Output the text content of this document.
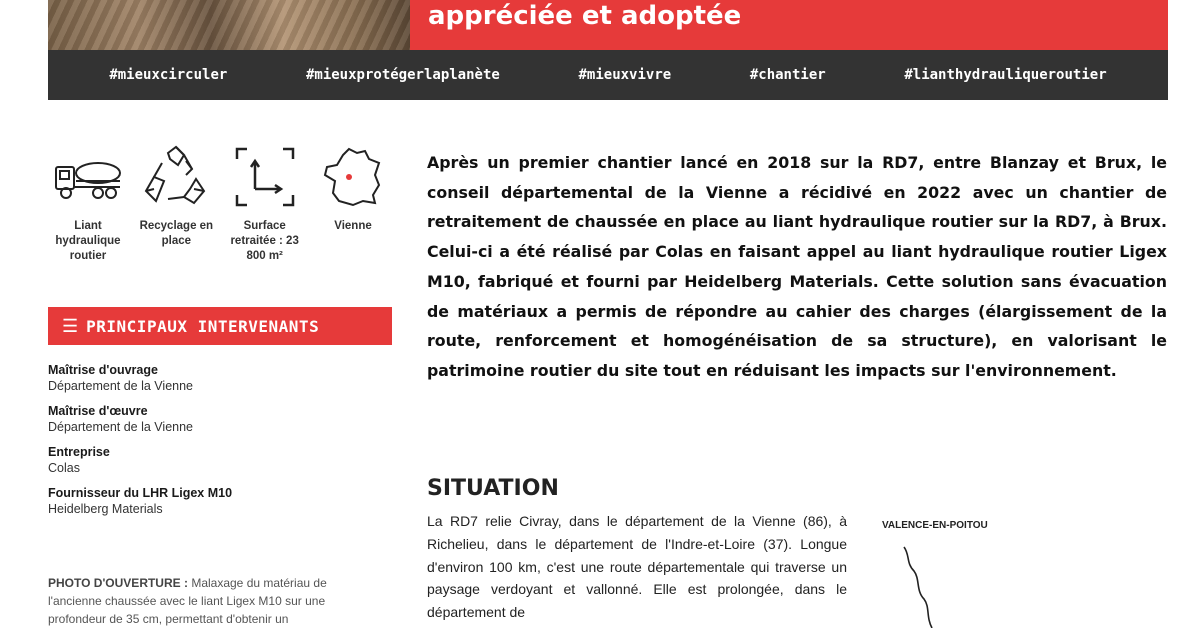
appréciée et adoptée
#mieuxcirculer	#mieuxprotégerlaplanète	#mieuxvivre	#chantier	#lianthydrauliqueroutier
Liant hydraulique routier
Recyclage en place
Surface retraitée : 23 800 m²
Vienne
☰ PRINCIPAUX INTERVENANTS
Maîtrise d'ouvrage
Département de la Vienne
Maîtrise d'œuvre
Département de la Vienne
Entreprise
Colas
Fournisseur du LHR Ligex M10
Heidelberg Materials
PHOTO D'OUVERTURE : Malaxage du matériau de l'ancienne chaussée avec le liant Ligex M10 sur une profondeur de 35 cm, permettant d'obtenir un
Après un premier chantier lancé en 2018 sur la RD7, entre Blanzay et Brux, le conseil départemental de la Vienne a récidivé en 2022 avec un chantier de retraitement de chaussée en place au liant hydraulique routier sur la RD7, à Brux. Celui-ci a été réalisé par Colas en faisant appel au liant hydraulique routier Ligex M10, fabriqué et fourni par Heidelberg Materials. Cette solution sans évacuation de matériaux a permis de répondre au cahier des charges (élargissement de la route, renforcement et homogénéisation de sa structure), en valorisant le patrimoine routier du site tout en réduisant les impacts sur l'environnement.
SITUATION
La RD7 relie Civray, dans le département de la Vienne (86), à Richelieu, dans le département de l'Indre-et-Loire (37). Longue d'environ 100 km, c'est une route départementale qui traverse un paysage verdoyant et vallonné. Elle est prolongée, dans le département de
VALENCE-EN-POITOU
